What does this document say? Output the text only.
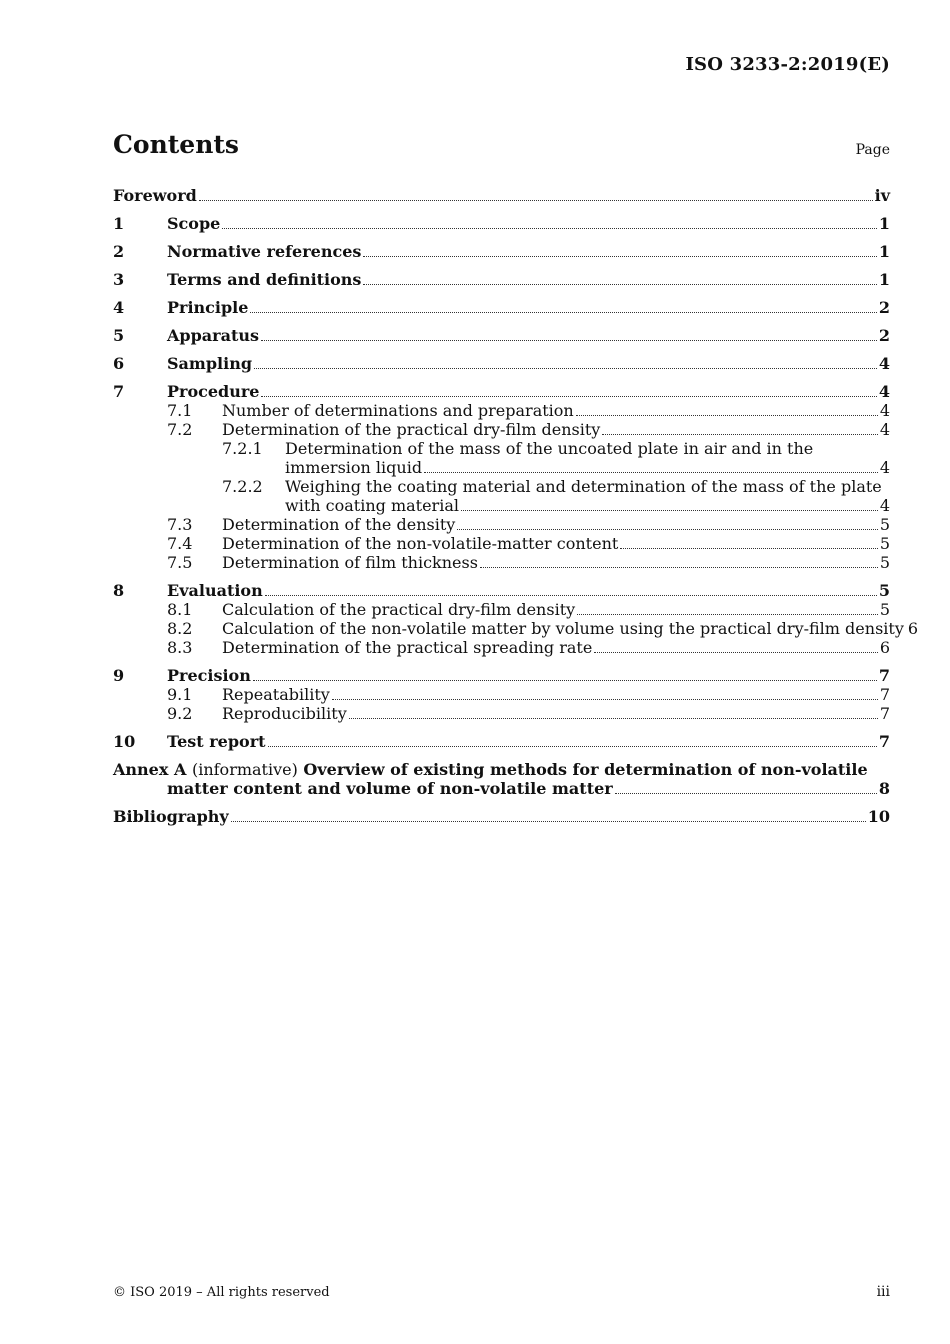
ISO 3233-2:2019(E)
Contents	Page
Foreword	iv
1	Scope	1
2	Normative references	1
3	Terms and definitions	1
4	Principle	2
5	Apparatus	2
6	Sampling	4
7	Procedure	4
7.1	Number of determinations and preparation	4
7.2	Determination of the practical dry-film density	4
7.2.1	Determination of the mass of the uncoated plate in air and in the
immersion liquid	4
7.2.2	Weighing the coating material and determination of the mass of the plate
with coating material	4
7.3	Determination of the density	5
7.4	Determination of the non-volatile-matter content	5
7.5	Determination of film thickness	5
8	Evaluation	5
8.1	Calculation of the practical dry-film density	5
8.2	Calculation of the non-volatile matter by volume using the practical dry-film density 6
8.3	Determination of the practical spreading rate	6
9	Precision	7
9.1	Repeatability	7
9.2	Reproducibility	7
10	Test report	7
Annex A (informative) Overview of existing methods for determination of non-volatile
matter content and volume of non-volatile matter	8
Bibliography	10
© ISO 2019 – All rights reserved	iii
